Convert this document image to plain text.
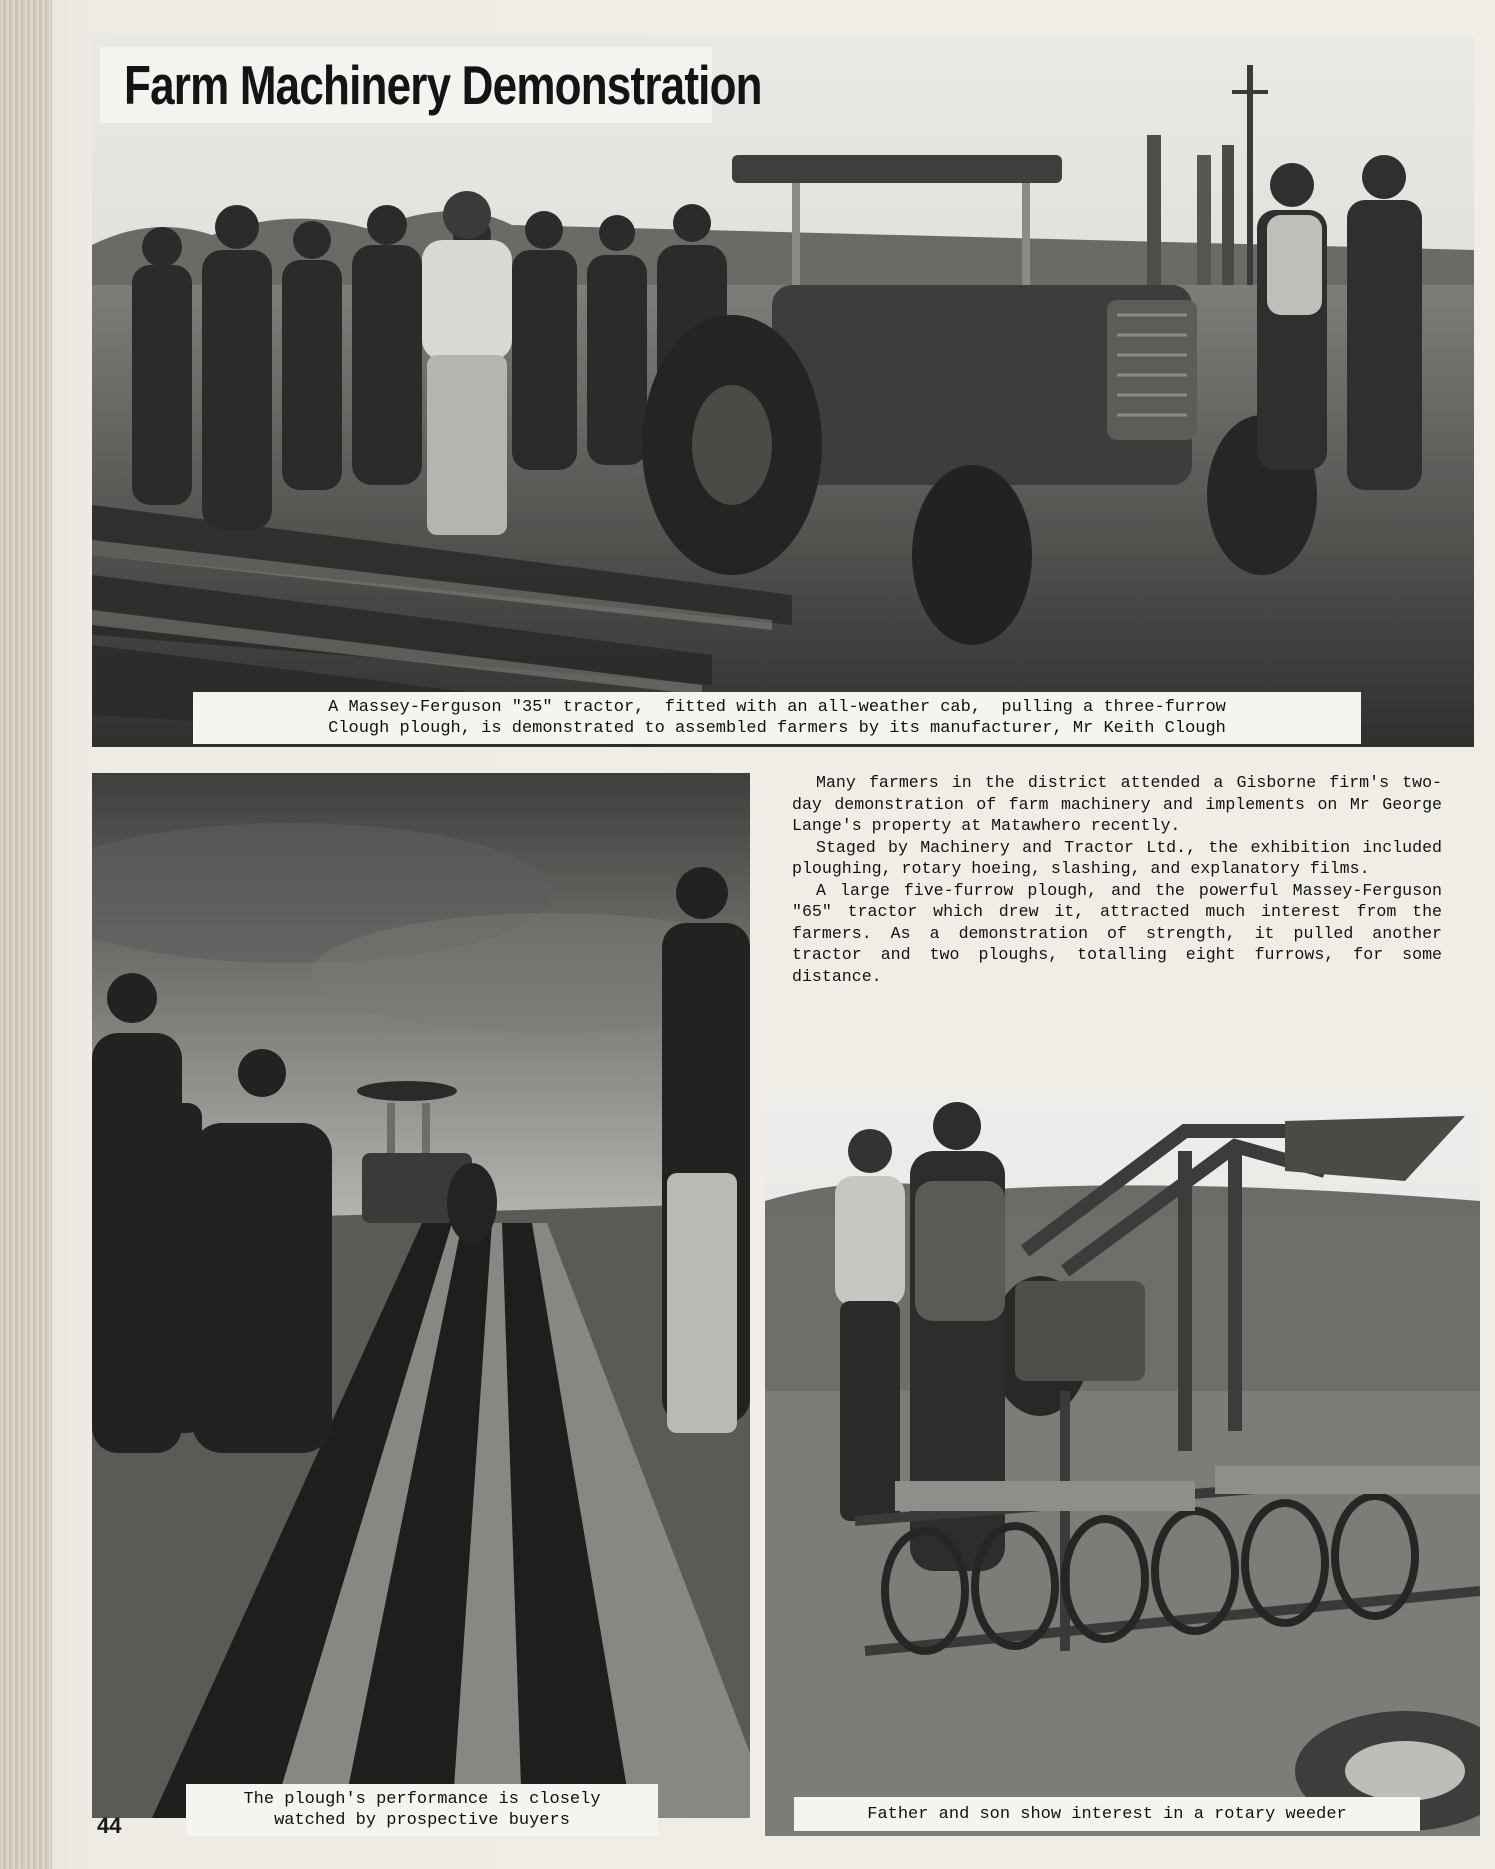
Farm Machinery Demonstration
A Massey-Ferguson "35" tractor,  fitted with an all-weather cab,  pulling a three-furrow
Clough plough, is demonstrated to assembled farmers by its manufacturer, Mr Keith Clough
The plough's performance is closely
watched by prospective buyers
44

Many farmers in the district attended a Gisborne firm's two-day demonstration of farm machinery and implements on Mr George Lange's property at Matawhero recently.

Staged by Machinery and Tractor Ltd., the exhibition included ploughing, rotary hoeing, slashing, and explanatory films.

A large five-furrow plough, and the powerful Massey-Ferguson "65" tractor which drew it, attracted much interest from the farmers. As a demonstration of strength, it pulled another tractor and two ploughs, totalling eight furrows, for some distance.

Father and son show interest in a rotary weeder
